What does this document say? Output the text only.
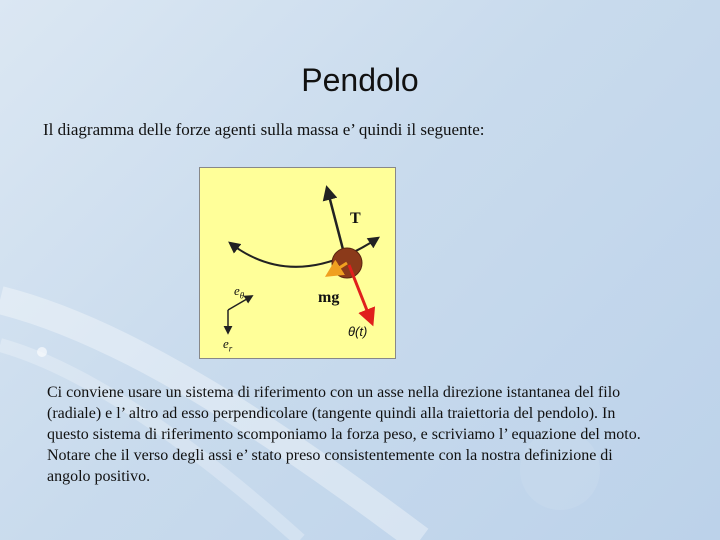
Pendolo
Il diagramma delle forze agenti sulla massa e’ quindi il seguente:
T
mg
$e_\theta$
$e_r$
θ(t)
Ci conviene usare un sistema di riferimento con un asse nella direzione istantanea del filo (radiale) e l’ altro ad esso perpendicolare (tangente quindi alla traiettoria del pendolo). In questo sistema di riferimento scomponiamo la forza peso, e scriviamo l’ equazione del moto. Notare che il verso degli assi e’ stato preso consistentemente con la nostra definizione di angolo positivo.
